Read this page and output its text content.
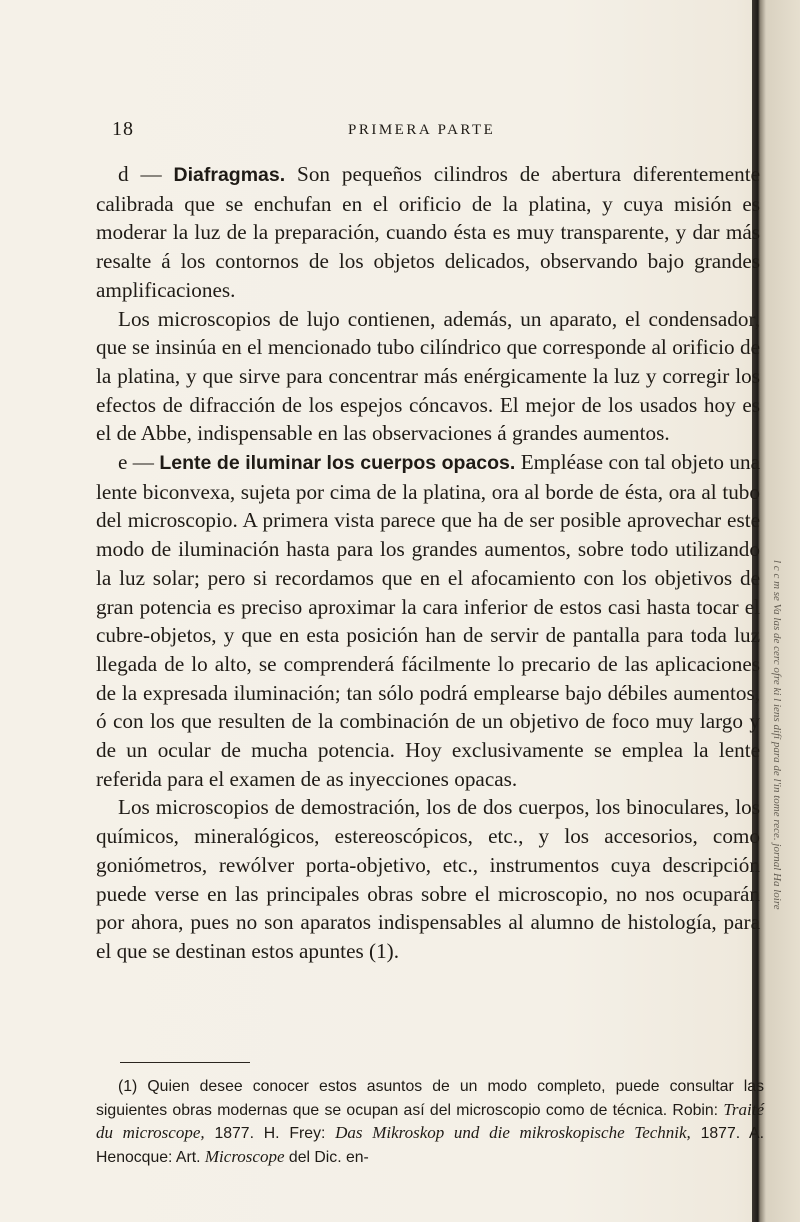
l c c m se Va las de cerc ofre ki l iens difí para de l'in tome rece. jornal Ha loire
18	PRIMERA PARTE

d — Diafragmas. Son pequeños cilindros de abertura diferentemente calibrada que se enchufan en el orificio de la platina, y cuya misión es moderar la luz de la preparación, cuando ésta es muy transparente, y dar más resalte á los contornos de los objetos delicados, observando bajo grandes amplificaciones.

Los microscopios de lujo contienen, además, un aparato, el condensador, que se insinúa en el mencionado tubo cilíndrico que corresponde al orificio de la platina, y que sirve para concentrar más enérgicamente la luz y corregir los efectos de difracción de los espejos cóncavos. El mejor de los usados hoy es el de Abbe, indispensable en las observaciones á grandes aumentos.

e — Lente de iluminar los cuerpos opacos. Empléase con tal objeto una lente biconvexa, sujeta por cima de la platina, ora al borde de ésta, ora al tubo del microscopio. A primera vista parece que ha de ser posible aprovechar este modo de iluminación hasta para los grandes aumentos, sobre todo utilizando la luz solar; pero si recordamos que en el afocamiento con los objetivos de gran potencia es preciso aproximar la cara inferior de estos casi hasta tocar el cubre-objetos, y que en esta posición han de servir de pantalla para toda luz llegada de lo alto, se comprenderá fácilmente lo precario de las aplicaciones de la expresada iluminación; tan sólo podrá emplearse bajo débiles aumentos, ó con los que resulten de la combinación de un objetivo de foco muy largo y de un ocular de mucha potencia. Hoy exclusivamente se emplea la lente referida para el examen de as inyecciones opacas.

Los microscopios de demostración, los de dos cuerpos, los binoculares, los químicos, mineralógicos, estereoscópicos, etc., y los accesorios, como goniómetros, rewólver porta-objetivo, etc., instrumentos cuya descripción puede verse en las principales obras sobre el microscopio, no nos ocuparán por ahora, pues no son aparatos indispensables al alumno de histología, para el que se destinan estos apuntes (1).

(1) Quien desee conocer estos asuntos de un modo completo, puede consultar las siguientes obras modernas que se ocupan así del microscopio como de técnica. Robin: Traité du microscope, 1877. H. Frey: Das Mikroskop und die mikroskopische Technik, 1877. A. Henocque: Art. Microscope del Dic. en-
